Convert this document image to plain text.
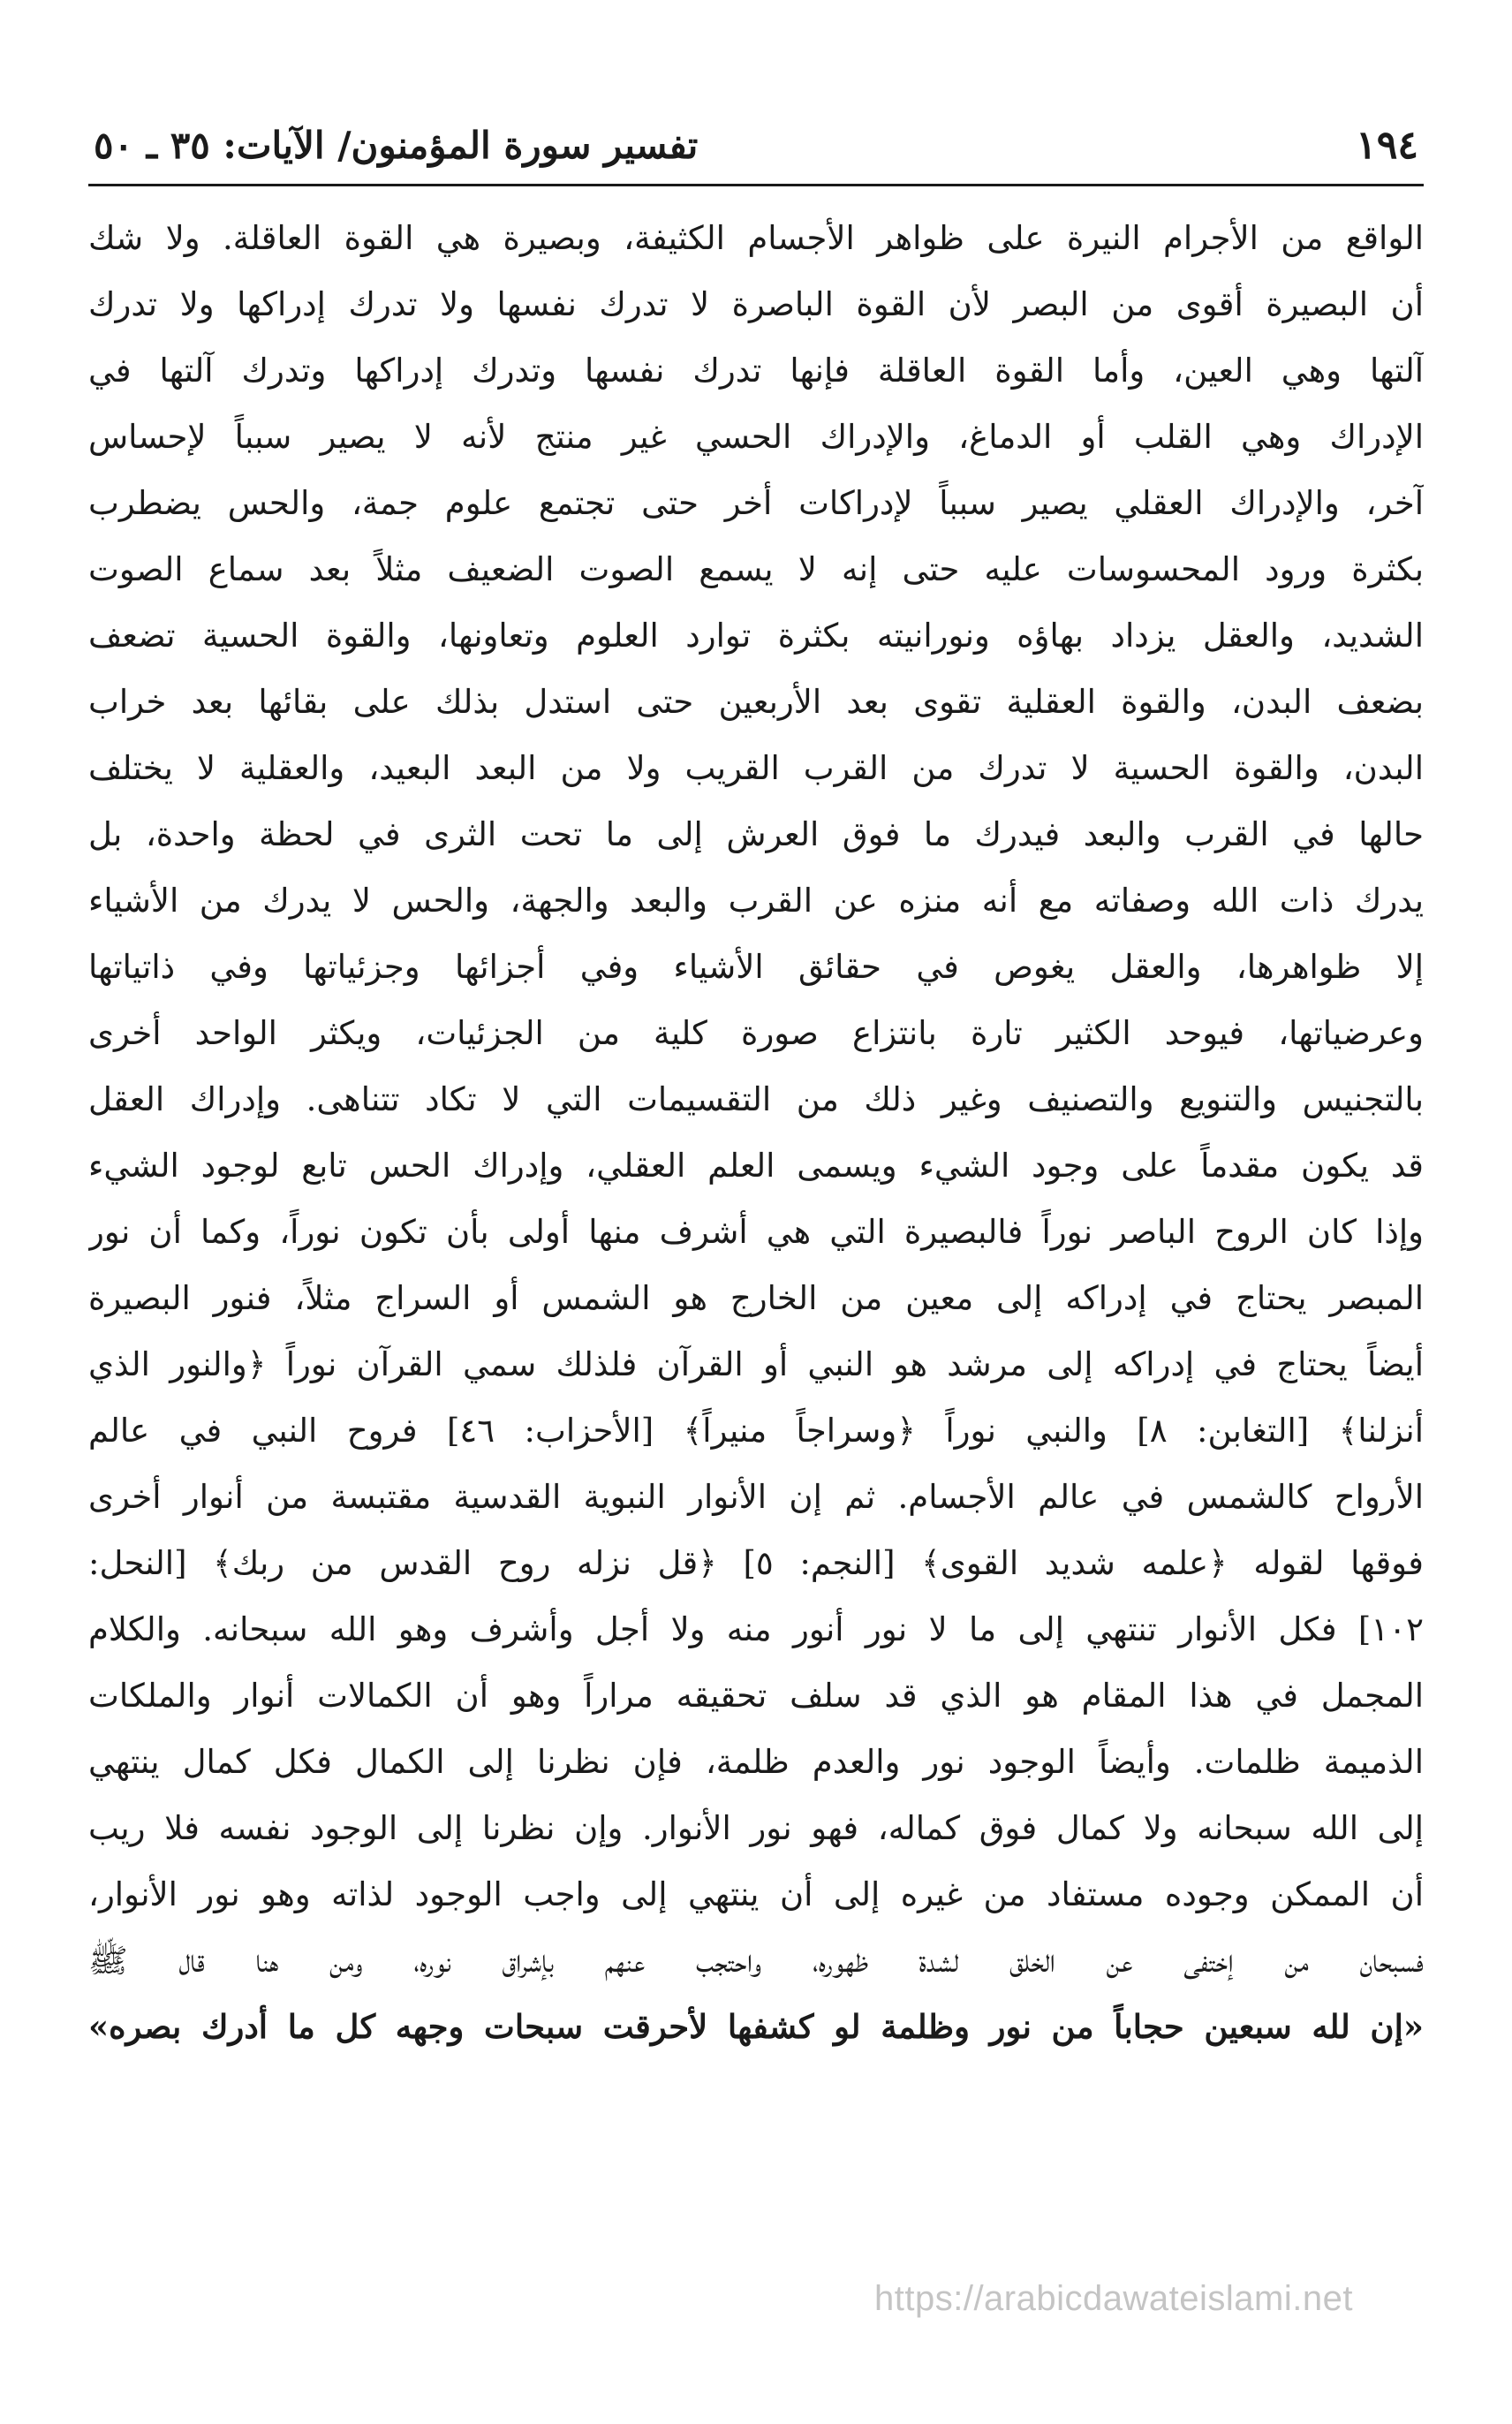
١٩٤
تفسير سورة المؤمنون/ الآيات: ٣٥ ـ ٥٠
الواقع من الأجرام النيرة على ظواهر الأجسام الكثيفة، وبصيرة هي القوة العاقلة. ولا شك
أن البصيرة أقوى من البصر لأن القوة الباصرة لا تدرك نفسها ولا تدرك إدراكها ولا تدرك
آلتها وهي العين، وأما القوة العاقلة فإنها تدرك نفسها وتدرك إدراكها وتدرك آلتها في
الإدراك وهي القلب أو الدماغ، والإدراك الحسي غير منتج لأنه لا يصير سبباً لإحساس
آخر، والإدراك العقلي يصير سبباً لإدراكات أخر حتى تجتمع علوم جمة، والحس يضطرب
بكثرة ورود المحسوسات عليه حتى إنه لا يسمع الصوت الضعيف مثلاً بعد سماع الصوت
الشديد، والعقل يزداد بهاؤه ونورانيته بكثرة توارد العلوم وتعاونها، والقوة الحسية تضعف
بضعف البدن، والقوة العقلية تقوى بعد الأربعين حتى استدل بذلك على بقائها بعد خراب
البدن، والقوة الحسية لا تدرك من القرب القريب ولا من البعد البعيد، والعقلية لا يختلف
حالها في القرب والبعد فيدرك ما فوق العرش إلى ما تحت الثرى في لحظة واحدة، بل
يدرك ذات الله وصفاته مع أنه منزه عن القرب والبعد والجهة، والحس لا يدرك من الأشياء
إلا ظواهرها، والعقل يغوص في حقائق الأشياء وفي أجزائها وجزئياتها وفي ذاتياتها
وعرضياتها، فيوحد الكثير تارة بانتزاع صورة كلية من الجزئيات، ويكثر الواحد أخرى
بالتجنيس والتنويع والتصنيف وغير ذلك من التقسيمات التي لا تكاد تتناهى. وإدراك العقل
قد يكون مقدماً على وجود الشيء ويسمى العلم العقلي، وإدراك الحس تابع لوجود الشيء
وإذا كان الروح الباصر نوراً فالبصيرة التي هي أشرف منها أولى بأن تكون نوراً، وكما أن نور
المبصر يحتاج في إدراكه إلى معين من الخارج هو الشمس أو السراج مثلاً، فنور البصيرة
أيضاً يحتاج في إدراكه إلى مرشد هو النبي أو القرآن فلذلك سمي القرآن نوراً ﴿والنور الذي
أنزلنا﴾ [التغابن: ٨] والنبي نوراً ﴿وسراجاً منيراً﴾ [الأحزاب: ٤٦] فروح النبي في عالم
الأرواح كالشمس في عالم الأجسام. ثم إن الأنوار النبوية القدسية مقتبسة من أنوار أخرى
فوقها لقوله ﴿علمه شديد القوى﴾ [النجم: ٥] ﴿قل نزله روح القدس من ربك﴾ [النحل:
١٠٢] فكل الأنوار تنتهي إلى ما لا نور أنور منه ولا أجل وأشرف وهو الله سبحانه. والكلام
المجمل في هذا المقام هو الذي قد سلف تحقيقه مراراً وهو أن الكمالات أنوار والملكات
الذميمة ظلمات. وأيضاً الوجود نور والعدم ظلمة، فإن نظرنا إلى الكمال فكل كمال ينتهي
إلى الله سبحانه ولا كمال فوق كماله، فهو نور الأنوار. وإن نظرنا إلى الوجود نفسه فلا ريب
أن الممكن وجوده مستفاد من غيره إلى أن ينتهي إلى واجب الوجود لذاته وهو نور الأنوار،
فسبحان من إختفى عن الخلق لشدة ظهوره، واحتجب عنهم بإشراق نوره، ومن هنا قال ﷺ
«إن لله سبعين حجاباً من نور وظلمة لو كشفها لأحرقت سبحات وجهه كل ما أدرك بصره»
https://arabicdawateislami.net
